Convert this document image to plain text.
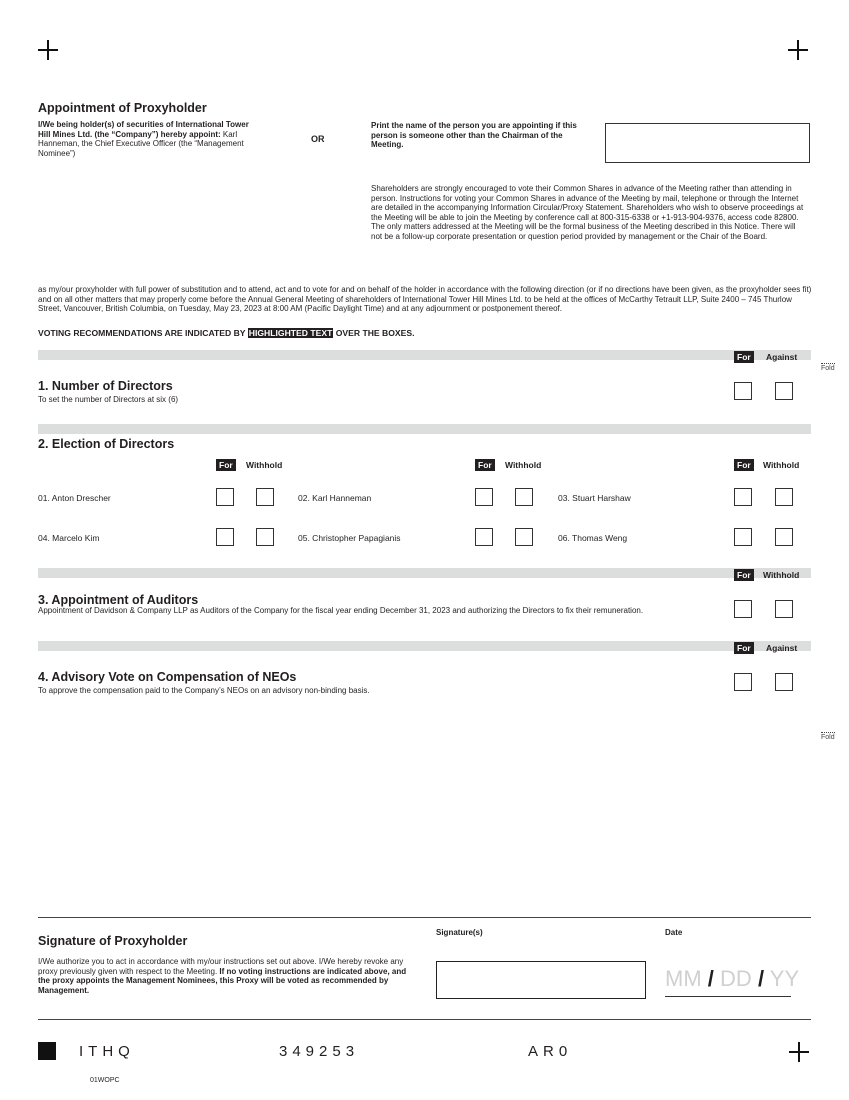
Appointment of Proxyholder
I/We being holder(s) of securities of International Tower Hill Mines Ltd. (the “Company”) hereby appoint: Karl Hanneman, the Chief Executive Officer (the “Management Nominee”)
OR
Print the name of the person you are appointing if this person is someone other than the Chairman of the Meeting.
Shareholders are strongly encouraged to vote their Common Shares in advance of the Meeting rather than attending in person. Instructions for voting your Common Shares in advance of the Meeting by mail, telephone or through the Internet are detailed in the accompanying Information Circular/Proxy Statement. Shareholders who wish to observe proceedings at the Meeting will be able to join the Meeting by conference call at 800-315-6338 or +1-913-904-9376, access code 82800. The only matters addressed at the Meeting will be the formal business of the Meeting described in this Notice. There will not be a follow-up corporate presentation or question period provided by management or the Chair of the Board.
as my/our proxyholder with full power of substitution and to attend, act and to vote for and on behalf of the holder in accordance with the following direction (or if no directions have been given, as the proxyholder sees fit) and on all other matters that may properly come before the Annual General Meeting of shareholders of International Tower Hill Mines Ltd. to be held at the offices of McCarthy Tetrault LLP, Suite 2400 – 745 Thurlow Street, Vancouver, British Columbia, on Tuesday, May 23, 2023 at 8:00 AM (Pacific Daylight Time) and at any adjournment or postponement thereof.
VOTING RECOMMENDATIONS ARE INDICATED BY HIGHLIGHTED TEXT OVER THE BOXES.
For	Against
Fold
1. Number of Directors
To set the number of Directors at six (6)
2. Election of Directors
For	Withhold	For	Withhold	For	Withhold
01. Anton Drescher	02. Karl Hanneman	03. Stuart Harshaw
04. Marcelo Kim	05. Christopher Papagianis	06. Thomas Weng
For	Withhold
3. Appointment of Auditors
Appointment of Davidson & Company LLP as Auditors of the Company for the fiscal year ending December 31, 2023 and authorizing the Directors to fix their remuneration.
For	Against
4. Advisory Vote on Compensation of NEOs
To approve the compensation paid to the Company’s NEOs on an advisory non-binding basis.
Fold
Signature of Proxyholder
I/We authorize you to act in accordance with my/our instructions set out above. I/We hereby revoke any proxy previously given with respect to the Meeting. If no voting instructions are indicated above, and the proxy appoints the Management Nominees, this Proxy will be voted as recommended by Management.
Signature(s)	Date
MM / DD / YY
ITHQ	349253	AR0
01WOPC
